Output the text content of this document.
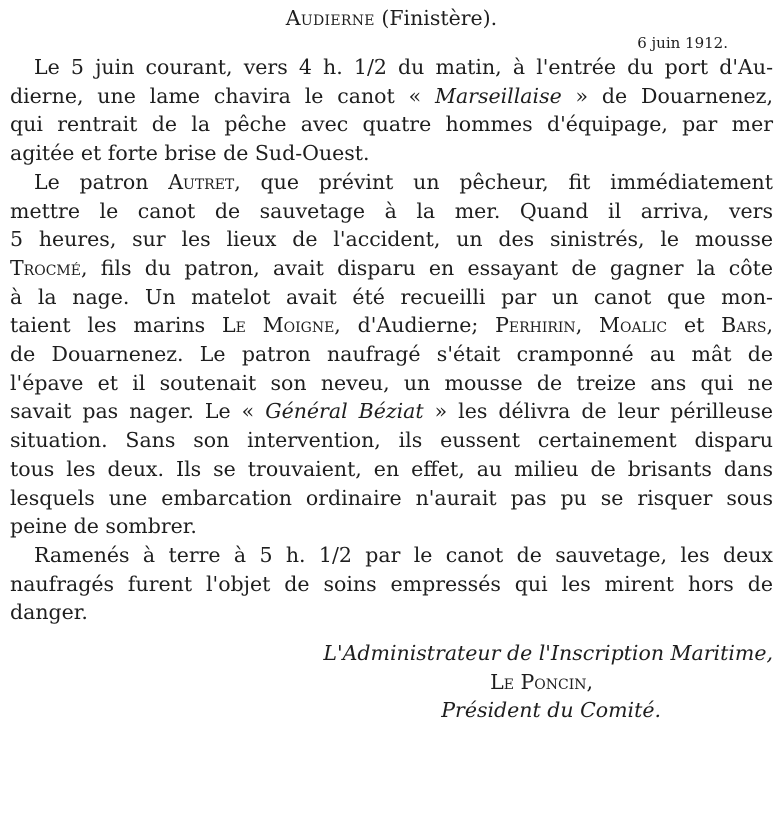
Audierne (Finistère).
6 juin 1912.
Le 5 juin courant, vers 4 h. 1/2 du matin, à l'entrée du port d'Au-
dierne, une lame chavira le canot « Marseillaise » de Douarnenez,
qui rentrait de la pêche avec quatre hommes d'équipage, par mer
agitée et forte brise de Sud-Ouest.
Le patron Autret, que prévint un pêcheur, fit immédiatement
mettre le canot de sauvetage à la mer. Quand il arriva, vers
5 heures, sur les lieux de l'accident, un des sinistrés, le mousse
Trocmé, fils du patron, avait disparu en essayant de gagner la côte
à la nage. Un matelot avait été recueilli par un canot que mon-
taient les marins Le Moigne, d'Audierne; Perhirin, Moalic et Bars,
de Douarnenez. Le patron naufragé s'était cramponné au mât de
l'épave et il soutenait son neveu, un mousse de treize ans qui ne
savait pas nager. Le « Général Béziat » les délivra de leur périlleuse
situation. Sans son intervention, ils eussent certainement disparu
tous les deux. Ils se trouvaient, en effet, au milieu de brisants dans
lesquels une embarcation ordinaire n'aurait pas pu se risquer sous
peine de sombrer.
Ramenés à terre à 5 h. 1/2 par le canot de sauvetage, les deux
naufragés furent l'objet de soins empressés qui les mirent hors de
danger.
L'Administrateur de l'Inscription Maritime,
Le Poncin,
Président du Comité.
